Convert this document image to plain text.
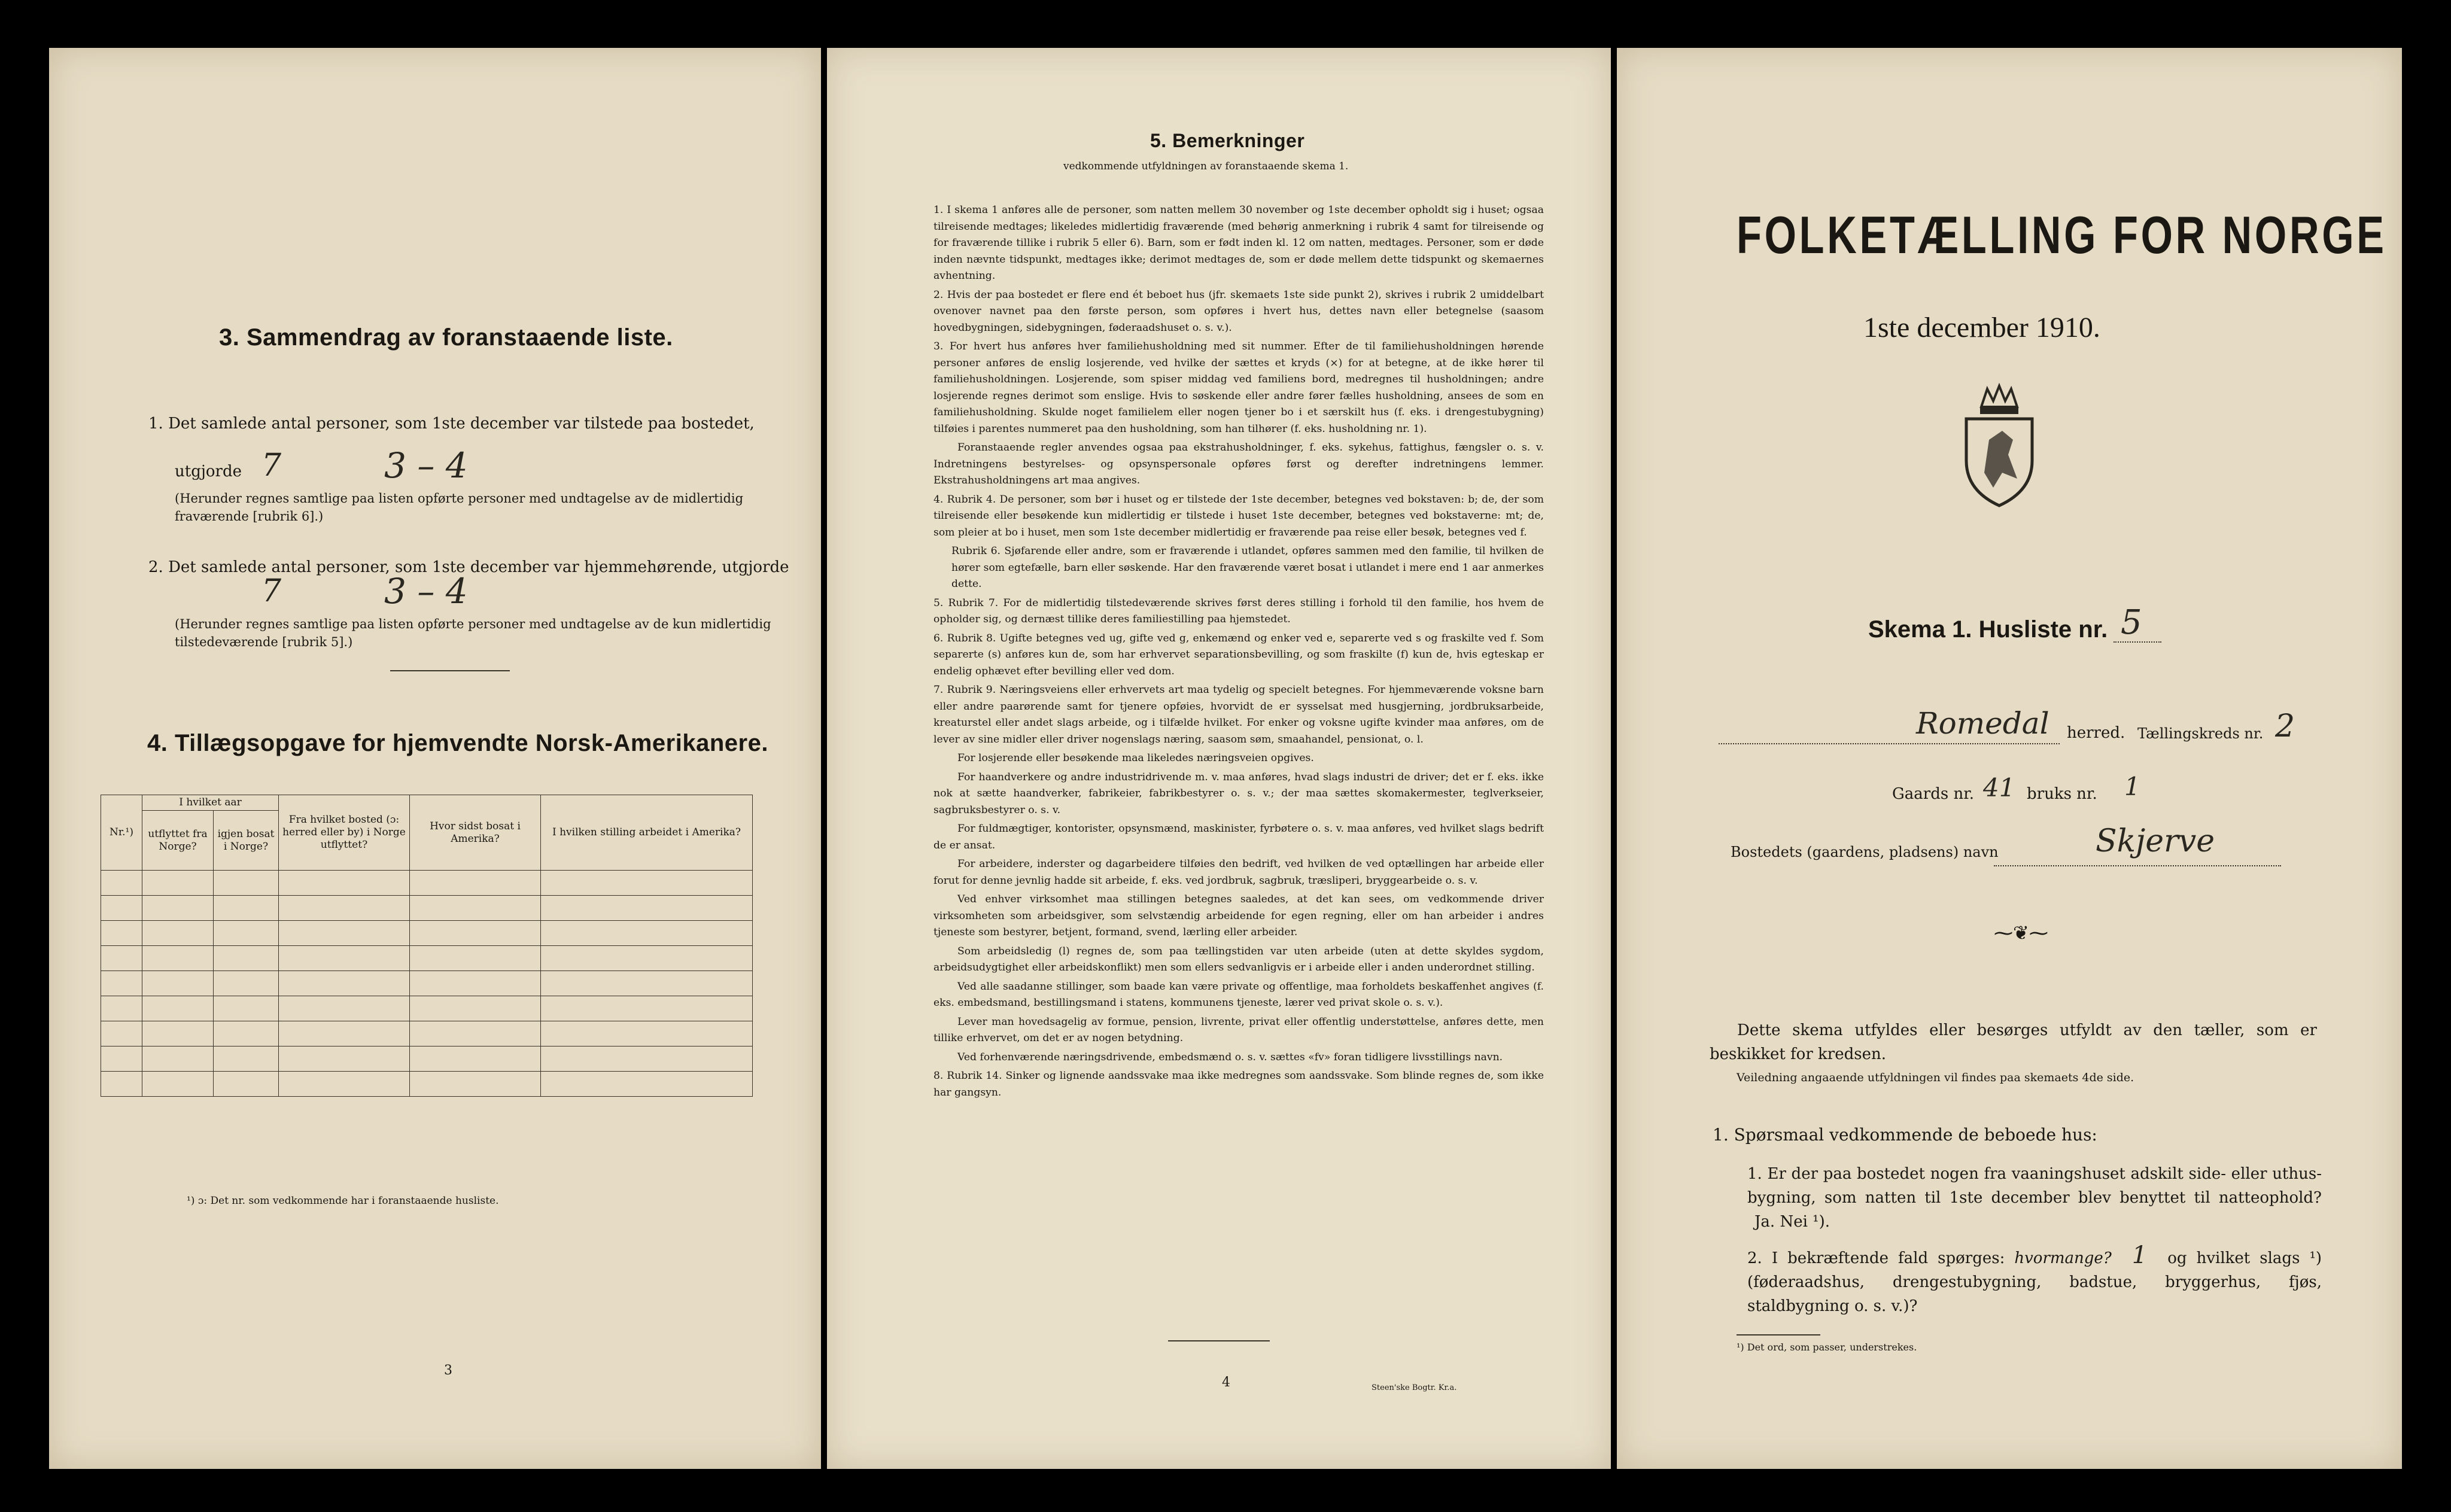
3. Sammendrag av foranstaaende liste.
1. Det samlede antal personer, som 1ste december var tilstede paa bostedet,
utgjorde 7	3 – 4
(Herunder regnes samtlige paa listen opførte personer med undtagelse av de midlertidig fraværende [rubrik 6].)
2. Det samlede antal personer, som 1ste december var hjemmehørende, utgjorde
7	3 – 4
(Herunder regnes samtlige paa listen opførte personer med undtagelse av de kun midlertidig tilstedeværende [rubrik 5].)
4. Tillægsopgave for hjemvendte Norsk-Amerikanere.
Nr.¹)	I hvilket aar		Fra hvilket bosted (ɔ: herred eller by) i Norge utflyttet?	Hvor sidst bosat i Amerika?	I hvilken stilling arbeidet i Amerika?
	utflyttet fra Norge?	igjen bosat i Norge?			

¹) ɔ: Det nr. som vedkommende har i foranstaaende husliste.
3
5. Bemerkninger
vedkommende utfyldningen av foranstaaende skema 1.

1. I skema 1 anføres alle de personer, som natten mellem 30 november og 1ste december opholdt sig i huset; ogsaa tilreisende medtages; likeledes midlertidig fraværende (med behørig anmerkning i rubrik 4 samt for tilreisende og for fraværende tillike i rubrik 5 eller 6). Barn, som er født inden kl. 12 om natten, medtages. Personer, som er døde inden nævnte tidspunkt, medtages ikke; derimot medtages de, som er døde mellem dette tidspunkt og skemaernes avhentning.

2. Hvis der paa bostedet er flere end ét beboet hus (jfr. skemaets 1ste side punkt 2), skrives i rubrik 2 umiddelbart ovenover navnet paa den første person, som opføres i hvert hus, dettes navn eller betegnelse (saasom hovedbygningen, sidebygningen, føderaadshuset o. s. v.).

3. For hvert hus anføres hver familiehusholdning med sit nummer. Efter de til familiehusholdningen hørende personer anføres de enslig losjerende, ved hvilke der sættes et kryds (×) for at betegne, at de ikke hører til familiehusholdningen. Losjerende, som spiser middag ved familiens bord, medregnes til husholdningen; andre losjerende regnes derimot som enslige. Hvis to søskende eller andre fører fælles husholdning, ansees de som en familiehusholdning. Skulde noget familielem eller nogen tjener bo i et særskilt hus (f. eks. i drengestubygning) tilføies i parentes nummeret paa den husholdning, som han tilhører (f. eks. husholdning nr. 1).

Foranstaaende regler anvendes ogsaa paa ekstrahusholdninger, f. eks. sykehus, fattighus, fængsler o. s. v. Indretningens bestyrelses- og opsynspersonale opføres først og derefter indretningens lemmer. Ekstrahusholdningens art maa angives.

4. Rubrik 4. De personer, som bør i huset og er tilstede der 1ste december, betegnes ved bokstaven: b; de, der som tilreisende eller besøkende kun midlertidig er tilstede i huset 1ste december, betegnes ved bokstaverne: mt; de, som pleier at bo i huset, men som 1ste december midlertidig er fraværende paa reise eller besøk, betegnes ved f.

Rubrik 6. Sjøfarende eller andre, som er fraværende i utlandet, opføres sammen med den familie, til hvilken de hører som egtefælle, barn eller søskende. Har den fraværende været bosat i utlandet i mere end 1 aar anmerkes dette.

5. Rubrik 7. For de midlertidig tilstedeværende skrives først deres stilling i forhold til den familie, hos hvem de opholder sig, og dernæst tillike deres familiestilling paa hjemstedet.

6. Rubrik 8. Ugifte betegnes ved ug, gifte ved g, enkemænd og enker ved e, separerte ved s og fraskilte ved f. Som separerte (s) anføres kun de, som har erhvervet separationsbevilling, og som fraskilte (f) kun de, hvis egteskap er endelig ophævet efter bevilling eller ved dom.

7. Rubrik 9. Næringsveiens eller erhvervets art maa tydelig og specielt betegnes. For hjemmeværende voksne barn eller andre paarørende samt for tjenere opføies, hvorvidt de er sysselsat med husgjerning, jordbruksarbeide, kreaturstel eller andet slags arbeide, og i tilfælde hvilket. For enker og voksne ugifte kvinder maa anføres, om de lever av sine midler eller driver nogenslags næring, saasom søm, smaahandel, pensionat, o. l.

For losjerende eller besøkende maa likeledes næringsveien opgives.

For haandverkere og andre industridrivende m. v. maa anføres, hvad slags industri de driver; det er f. eks. ikke nok at sætte haandverker, fabrikeier, fabrikbestyrer o. s. v.; der maa sættes skomakermester, teglverkseier, sagbruksbestyrer o. s. v.

For fuldmægtiger, kontorister, opsynsmænd, maskinister, fyrbøtere o. s. v. maa anføres, ved hvilket slags bedrift de er ansat.

For arbeidere, inderster og dagarbeidere tilføies den bedrift, ved hvilken de ved optællingen har arbeide eller forut for denne jevnlig hadde sit arbeide, f. eks. ved jordbruk, sagbruk, træsliperi, bryggearbeide o. s. v.

Ved enhver virksomhet maa stillingen betegnes saaledes, at det kan sees, om vedkommende driver virksomheten som arbeidsgiver, som selvstændig arbeidende for egen regning, eller om han arbeider i andres tjeneste som bestyrer, betjent, formand, svend, lærling eller arbeider.

Som arbeidsledig (l) regnes de, som paa tællingstiden var uten arbeide (uten at dette skyldes sygdom, arbeidsudygtighet eller arbeidskonflikt) men som ellers sedvanligvis er i arbeide eller i anden underordnet stilling.

Ved alle saadanne stillinger, som baade kan være private og offentlige, maa forholdets beskaffenhet angives (f. eks. embedsmand, bestillingsmand i statens, kommunens tjeneste, lærer ved privat skole o. s. v.).

Lever man hovedsagelig av formue, pension, livrente, privat eller offentlig understøttelse, anføres dette, men tillike erhvervet, om det er av nogen betydning.

Ved forhenværende næringsdrivende, embedsmænd o. s. v. sættes «fv» foran tidligere livsstillings navn.

8. Rubrik 14. Sinker og lignende aandssvake maa ikke medregnes som aandssvake. Som blinde regnes de, som ikke har gangsyn.

4	Steen'ske Bogtr. Kr.a.
FOLKETÆLLING FOR NORGE
1ste december 1910.
Skema 1. Husliste nr. 5
Romedal herred. Tællingskreds nr. 2
Gaards nr. 41 bruks nr. 1
Bostedets (gaardens, pladsens) navn	Skjerve
⁓❦⁓
Dette skema utfyldes eller besørges utfyldt av den tæller, som er beskikket for kredsen.
Veiledning angaaende utfyldningen vil findes paa skemaets 4de side.
1. Spørsmaal vedkommende de beboede hus:
1. Er der paa bostedet nogen fra vaaningshuset adskilt side- eller uthus-bygning, som natten til 1ste december blev benyttet til natteophold? Ja. Nei ¹).
2. I bekræftende fald spørges: hvormange? 1 og hvilket slags ¹) (føderaadshus, drengestubygning, badstue, bryggerhus, fjøs, staldbygning o. s. v.)?
¹) Det ord, som passer, understrekes.
